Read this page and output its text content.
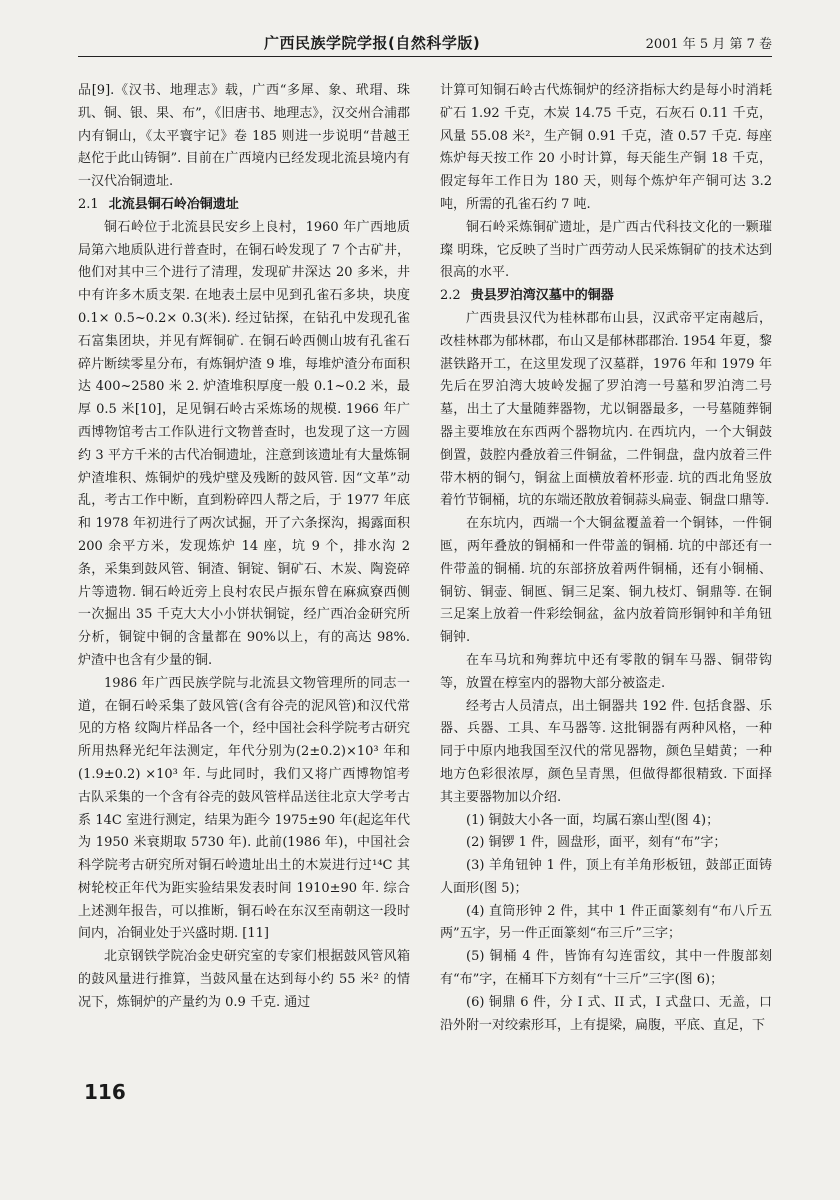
广西民族学院学报(自然科学版)	2001 年 5 月 第 7 卷

品[9].《汉书、地理志》载，广西“多犀、象、玳瑁、珠玑、铜、银、果、布”，《旧唐书、地理志》，汉交州合浦郡内有铜山，《太平寰宇记》卷 185 则进一步说明“昔越王赵佗于此山铸铜”. 目前在广西境内已经发现北流县境内有一汉代冶铜遗址.

2.1 北流县铜石岭冶铜遗址

铜石岭位于北流县民安乡上良村，1960 年广西地质局第六地质队进行普查时，在铜石岭发现了 7 个古矿井，他们对其中三个进行了清理，发现矿井深达 20 多米，井中有许多木质支架. 在地表土层中见到孔雀石多块，块度 0.1× 0.5~0.2× 0.3(米). 经过钻探，在钻孔中发现孔雀石富集团块，并见有辉铜矿. 在铜石岭西侧山坡有孔雀石碎片断续零星分布，有炼铜炉渣 9 堆，每堆炉渣分布面积达 400~2580 米 2. 炉渣堆积厚度一般 0.1~0.2 米，最厚 0.5 米[10]，足见铜石岭古采炼场的规模. 1966 年广西博物馆考古工作队进行文物普查时，也发现了这一方圆约 3 平方千米的古代冶铜遗址，注意到该遗址有大量炼铜炉渣堆积、炼铜炉的残炉壁及残断的鼓风管. 因“文革”动乱，考古工作中断，直到粉碎四人帮之后，于 1977 年底和 1978 年初进行了两次试掘，开了六条探沟，揭露面积 200 余平方米，发现炼炉 14 座，坑 9 个，排水沟 2 条，采集到鼓风管、铜渣、铜锭、铜矿石、木炭、陶瓷碎片等遗物. 铜石岭近旁上良村农民卢振东曾在麻疯寮西侧一次掘出 35 千克大大小小饼状铜锭，经广西冶金研究所分析，铜锭中铜的含量都在 90%以上，有的高达 98%. 炉渣中也含有少量的铜.

1986 年广西民族学院与北流县文物管理所的同志一道，在铜石岭采集了鼓风管(含有谷壳的泥风管)和汉代常见的方格 纹陶片样品各一个，经中国社会科学院考古研究所用热释光纪年法测定，年代分别为(2±0.2)×10³ 年和(1.9±0.2) ×10³ 年. 与此同时，我们又将广西博物馆考古队采集的一个含有谷壳的鼓风管样品送往北京大学考古系 14C 室进行测定，结果为距今 1975±90 年(起迄年代为 1950 米衰期取 5730 年). 此前(1986 年)，中国社会科学院考古研究所对铜石岭遗址出土的木炭进行过¹⁴C 其树轮校正年代为距实验结果发表时间 1910±90 年. 综合上述测年报告，可以推断，铜石岭在东汉至南朝这一段时间内，冶铜业处于兴盛时期. [11]

北京钢铁学院冶金史研究室的专家们根据鼓风管风箱的鼓风量进行推算，当鼓风量在达到每小约 55 米² 的情况下，炼铜炉的产量约为 0.9 千克. 通过

计算可知铜石岭古代炼铜炉的经济指标大约是每小时消耗矿石 1.92 千克，木炭 14.75 千克，石灰石 0.11 千克，风量 55.08 米²，生产铜 0.91 千克，渣 0.57 千克. 每座炼炉每天按工作 20 小时计算，每天能生产铜 18 千克，假定每年工作日为 180 天，则每个炼炉年产铜可达 3.2 吨，所需的孔雀石约 7 吨.

铜石岭采炼铜矿遗址，是广西古代科技文化的一颗璀璨 明珠，它反映了当时广西劳动人民采炼铜矿的技术达到很高的水平.

2.2 贵县罗泊湾汉墓中的铜器

广西贵县汉代为桂林郡布山县，汉武帝平定南越后，改桂林郡为郁林郡，布山又是郁林郡郡治. 1954 年夏，黎湛铁路开工，在这里发现了汉墓群，1976 年和 1979 年先后在罗泊湾大坡岭发掘了罗泊湾一号墓和罗泊湾二号墓，出土了大量随葬器物，尤以铜器最多，一号墓随葬铜器主要堆放在东西两个器物坑内. 在西坑内，一个大铜鼓倒置，鼓腔内叠放着三件铜盆，二件铜盘，盘内放着三件带木柄的铜勺，铜盆上面横放着杯形壶. 坑的西北角竖放着竹节铜桶，坑的东端还散放着铜蒜头扁壶、铜盘口鼎等.

在东坑内，西端一个大铜盆覆盖着一个铜钵，一件铜匜，两年叠放的铜桶和一件带盖的铜桶. 坑的中部还有一件带盖的铜桶. 坑的东部挤放着两件铜桶，还有小铜桶、铜钫、铜壶、铜匜、铜三足案、铜九枝灯、铜鼎等. 在铜三足案上放着一件彩绘铜盆，盆内放着筒形铜钟和羊角钮铜钟.

在车马坑和殉葬坑中还有零散的铜车马器、铜带钩等，放置在椁室内的器物大部分被盗走.

经考古人员清点，出土铜器共 192 件. 包括食器、乐器、兵器、工具、车马器等. 这批铜器有两种风格，一种同于中原内地我国至汉代的常见器物，颜色呈蜡黄；一种地方色彩很浓厚，颜色呈青黑，但做得都很精致. 下面择其主要器物加以介绍.

(1) 铜鼓大小各一面，均属石寨山型(图 4)；

(2) 铜锣 1 件，圆盘形，面平，刻有“布”字；

(3) 羊角钮钟 1 件，顶上有羊角形板钮，鼓部正面铸人面形(图 5)；

(4) 直筒形钟 2 件，其中 1 件正面篆刻有“布八斤五两”五字，另一件正面篆刻“布三斤”三字；

(5) 铜桶 4 件，皆饰有勾连雷纹，其中一件腹部刻有“布”字，在桶耳下方刻有“十三斤”三字(图 6)；

(6) 铜鼎 6 件，分 I 式、II 式，I 式盘口、无盖，口沿外附一对绞索形耳，上有提梁，扁腹，平底、直足，下

116
